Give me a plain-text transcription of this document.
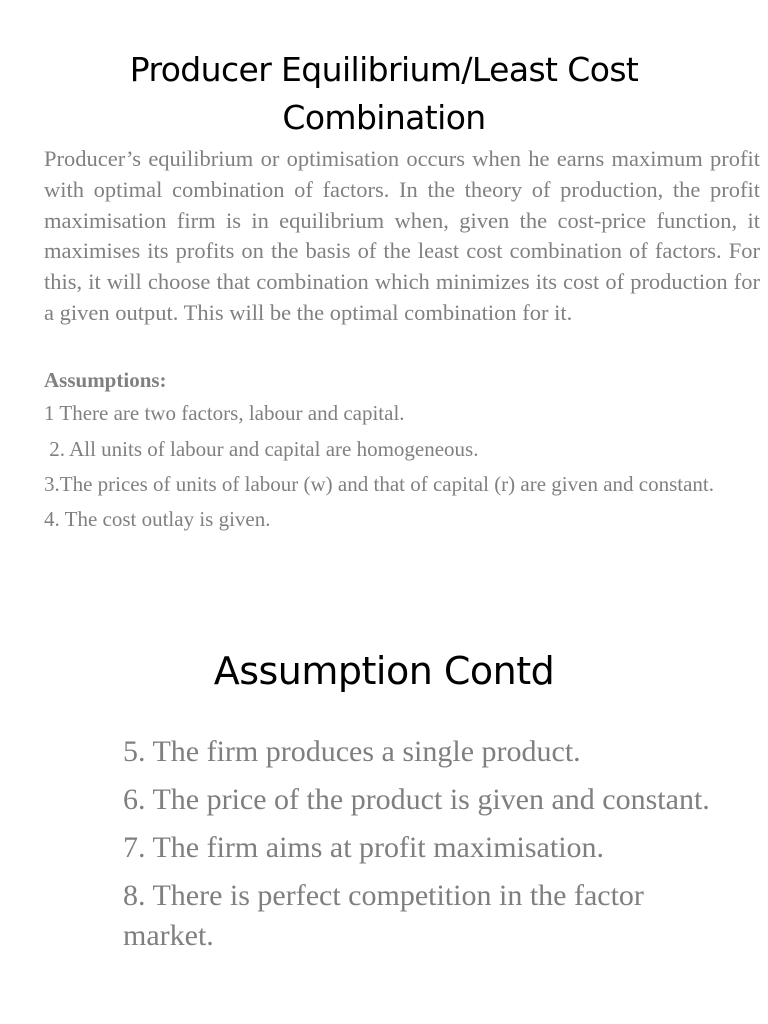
Producer Equilibrium/Least Cost
Combination

Producer’s equilibrium or optimisation occurs when he earns maximum profit with optimal combination of factors. In the theory of production, the profit maximisation firm is in equilibrium when, given the cost-price function, it maximises its profits on the basis of the least cost combination of factors. For this, it will choose that combination which minimizes its cost of production for a given output. This will be the optimal combination for it.

Assumptions:

1 There are two factors, labour and capital.
2. All units of labour and capital are homogeneous.
3.The prices of units of labour (w) and that of capital (r) are given and constant.
4. The cost outlay is given.
Assumption Contd
5. The firm produces a single product.
6. The price of the product is given and constant.
7. The firm aims at profit maximisation.
8. There is perfect competition in the factor market.
